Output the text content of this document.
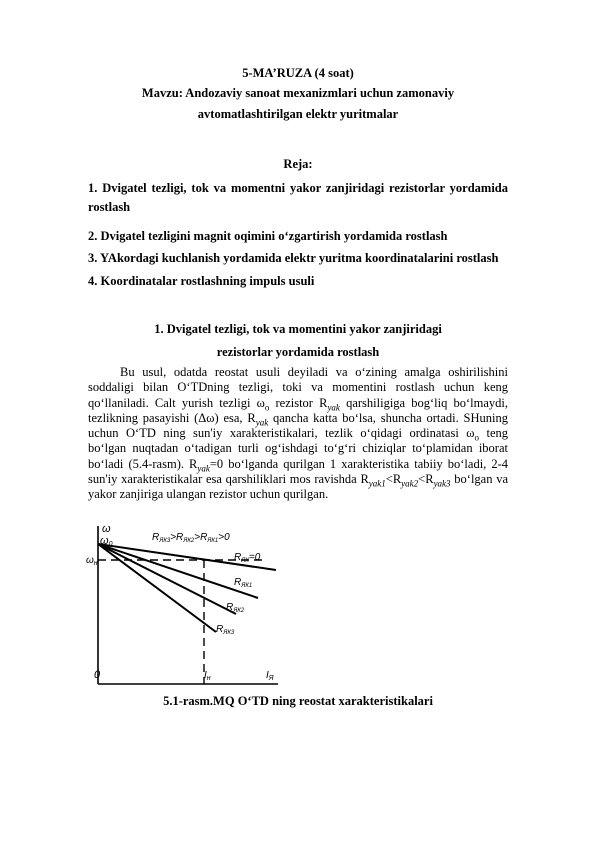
5-MA’RUZA (4 soat)
Mavzu: Andozaviy sanoat mexanizmlari uchun zamonaviy
avtomatlashtirilgan elektr yuritmalar
Reja:
1. Dvigatel tezligi, tok va momentni yakor zanjiridagi rezistorlar yordamida rostlash
2. Dvigatel tezligini magnit oqimini o‘zgartirish yordamida rostlash
3. YAkordagi kuchlanish yordamida elektr yuritma koordinatalarini rostlash
4. Koordinatalar rostlashning impuls usuli
1. Dvigatel tezligi, tok va momentini yakor zanjiridagi
rezistorlar yordamida rostlash

Bu usul, odatda reostat usuli deyiladi va o‘zining amalga oshirilishini soddaligi bilan O‘TDning tezligi, toki va momentini rostlash uchun keng qo‘llaniladi. Calt yurish tezligi $\omega_o$ rezistor $R_{yak}$ qarshiligiga bog‘liq bo‘lmaydi, tezlikning pasayishi (Δω) esa, $R_{yak}$ qancha katta bo‘lsa, shuncha ortadi. SHuning uchun O‘TD ning sun'iy xarakteristikalari, tezlik o‘qidagi ordinatasi $\omega_o$ teng bo‘lgan nuqtadan o‘tadigan turli og‘ishdagi to‘g‘ri chiziqlar to‘plamidan iborat bo‘ladi (5.4-rasm). $R_{yak}=0$ bo‘lganda qurilgan 1 xarakteristika tabiiy bo‘ladi, 2-4 sun'iy xarakteristikalar esa qarshiliklari mos ravishda $R_{yak1}<R_{yak2}<R_{yak3}$ bo‘lgan va yakor zanjiriga ulangan rezistor uchun qurilgan.

ω
ω0
$\omega_н$
$R_{ЯК3}>R_{ЯК2}>R_{ЯК1}>0$
$R_{ЯК}=0$
$R_{ЯК1}$
$R_{ЯК2}$
$R_{ЯК3}$
0	$I_н$	$I_Я$
5.1-rasm.MQ O‘TD ning reostat xarakteristikalari
